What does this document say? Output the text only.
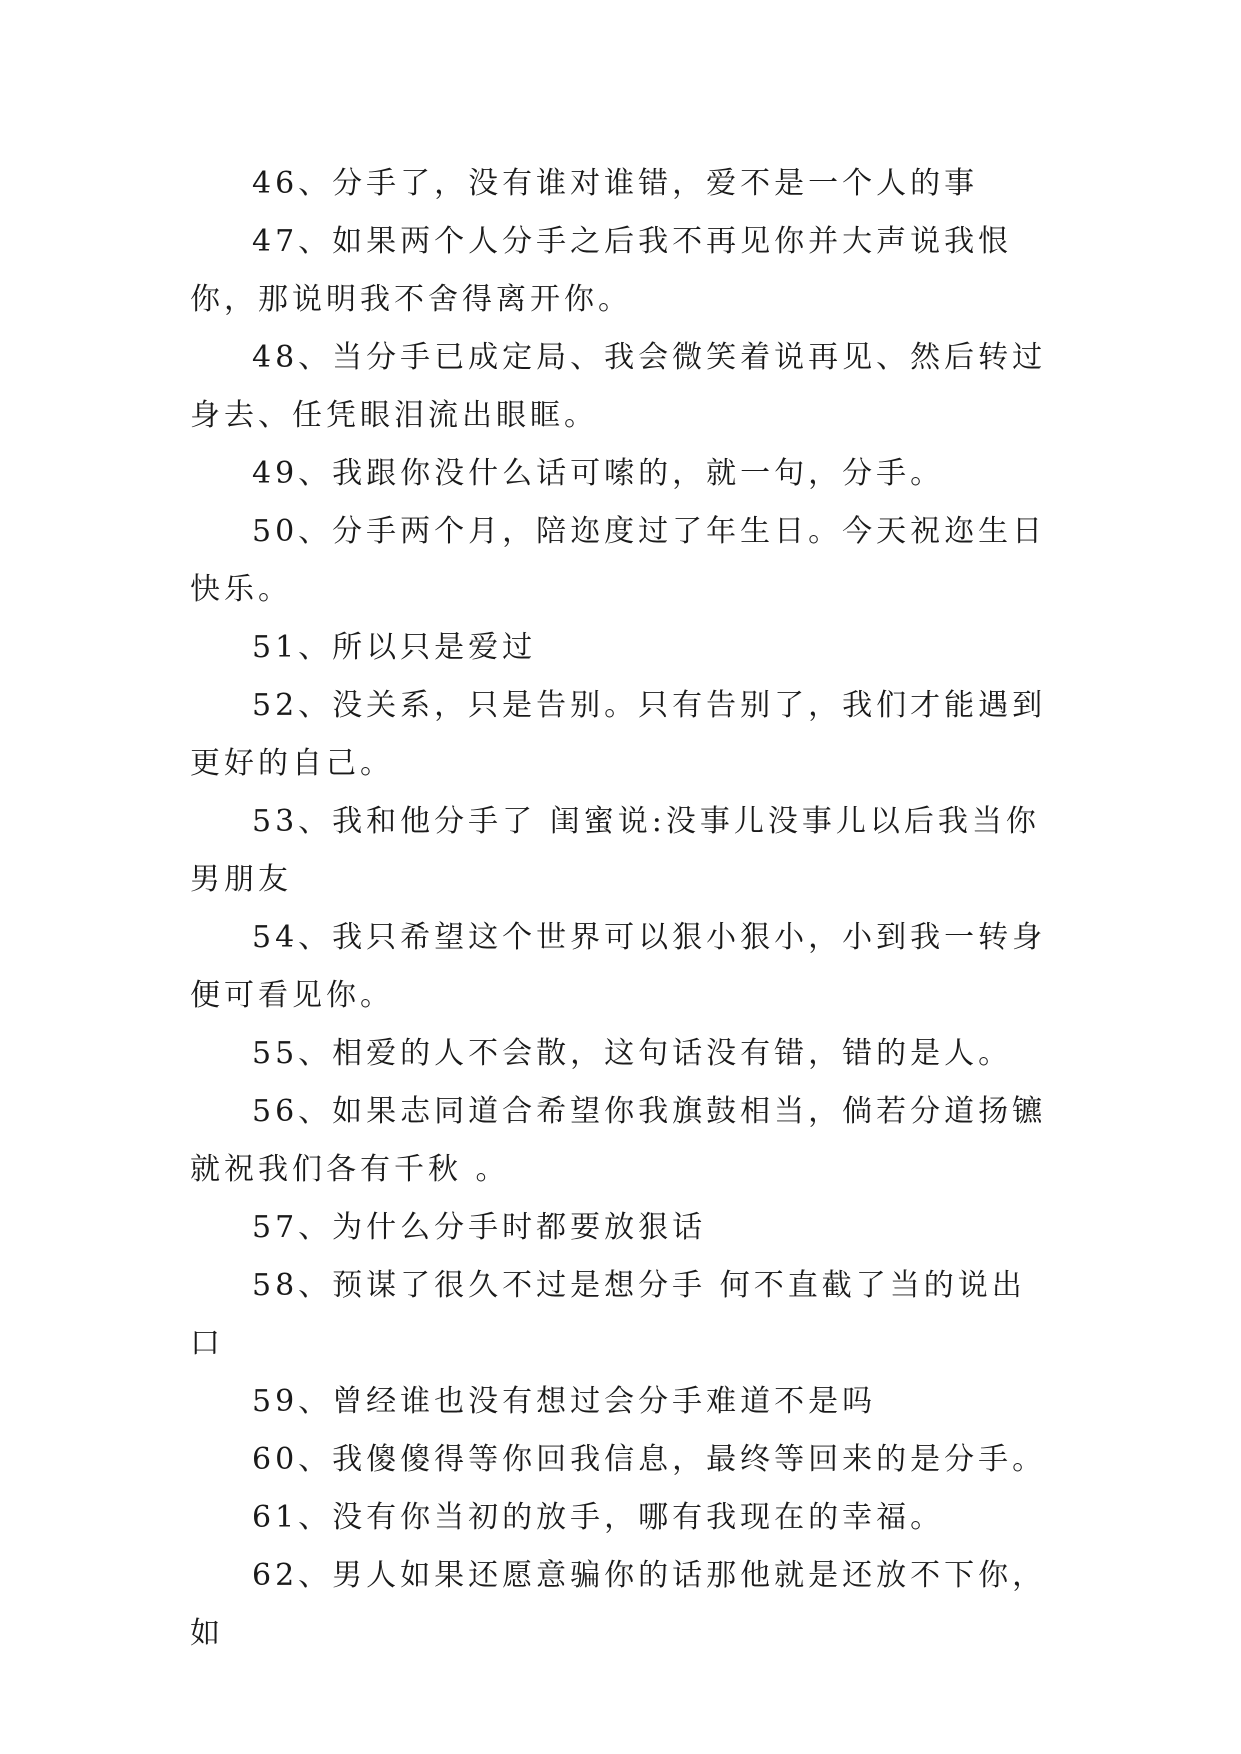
46、分手了，没有谁对谁错，爱不是一个人的事

47、如果两个人分手之后我不再见你并大声说我恨你，那说明我不舍得离开你。

48、当分手已成定局、我会微笑着说再见、然后转过身去、任凭眼泪流出眼眶。

49、我跟你没什么话可嗦的，就一句，分手。

50、分手两个月，陪迩度过了年生日。今天祝迩生日快乐。

51、所以只是爱过

52、没关系，只是告别。只有告别了，我们才能遇到更好的自己。

53、我和他分手了 闺蜜说:没事儿没事儿以后我当你男朋友

54、我只希望这个世界可以狠小狠小，小到我一转身便可看见你。

55、相爱的人不会散，这句话没有错，错的是人。

56、如果志同道合希望你我旗鼓相当，倘若分道扬镳就祝我们各有千秋 。

57、为什么分手时都要放狠话

58、预谋了很久不过是想分手 何不直截了当的说出口

59、曾经谁也没有想过会分手难道不是吗

60、我傻傻得等你回我信息，最终等回来的是分手。

61、没有你当初的放手，哪有我现在的幸福。

62、男人如果还愿意骗你的话那他就是还放不下你，如
